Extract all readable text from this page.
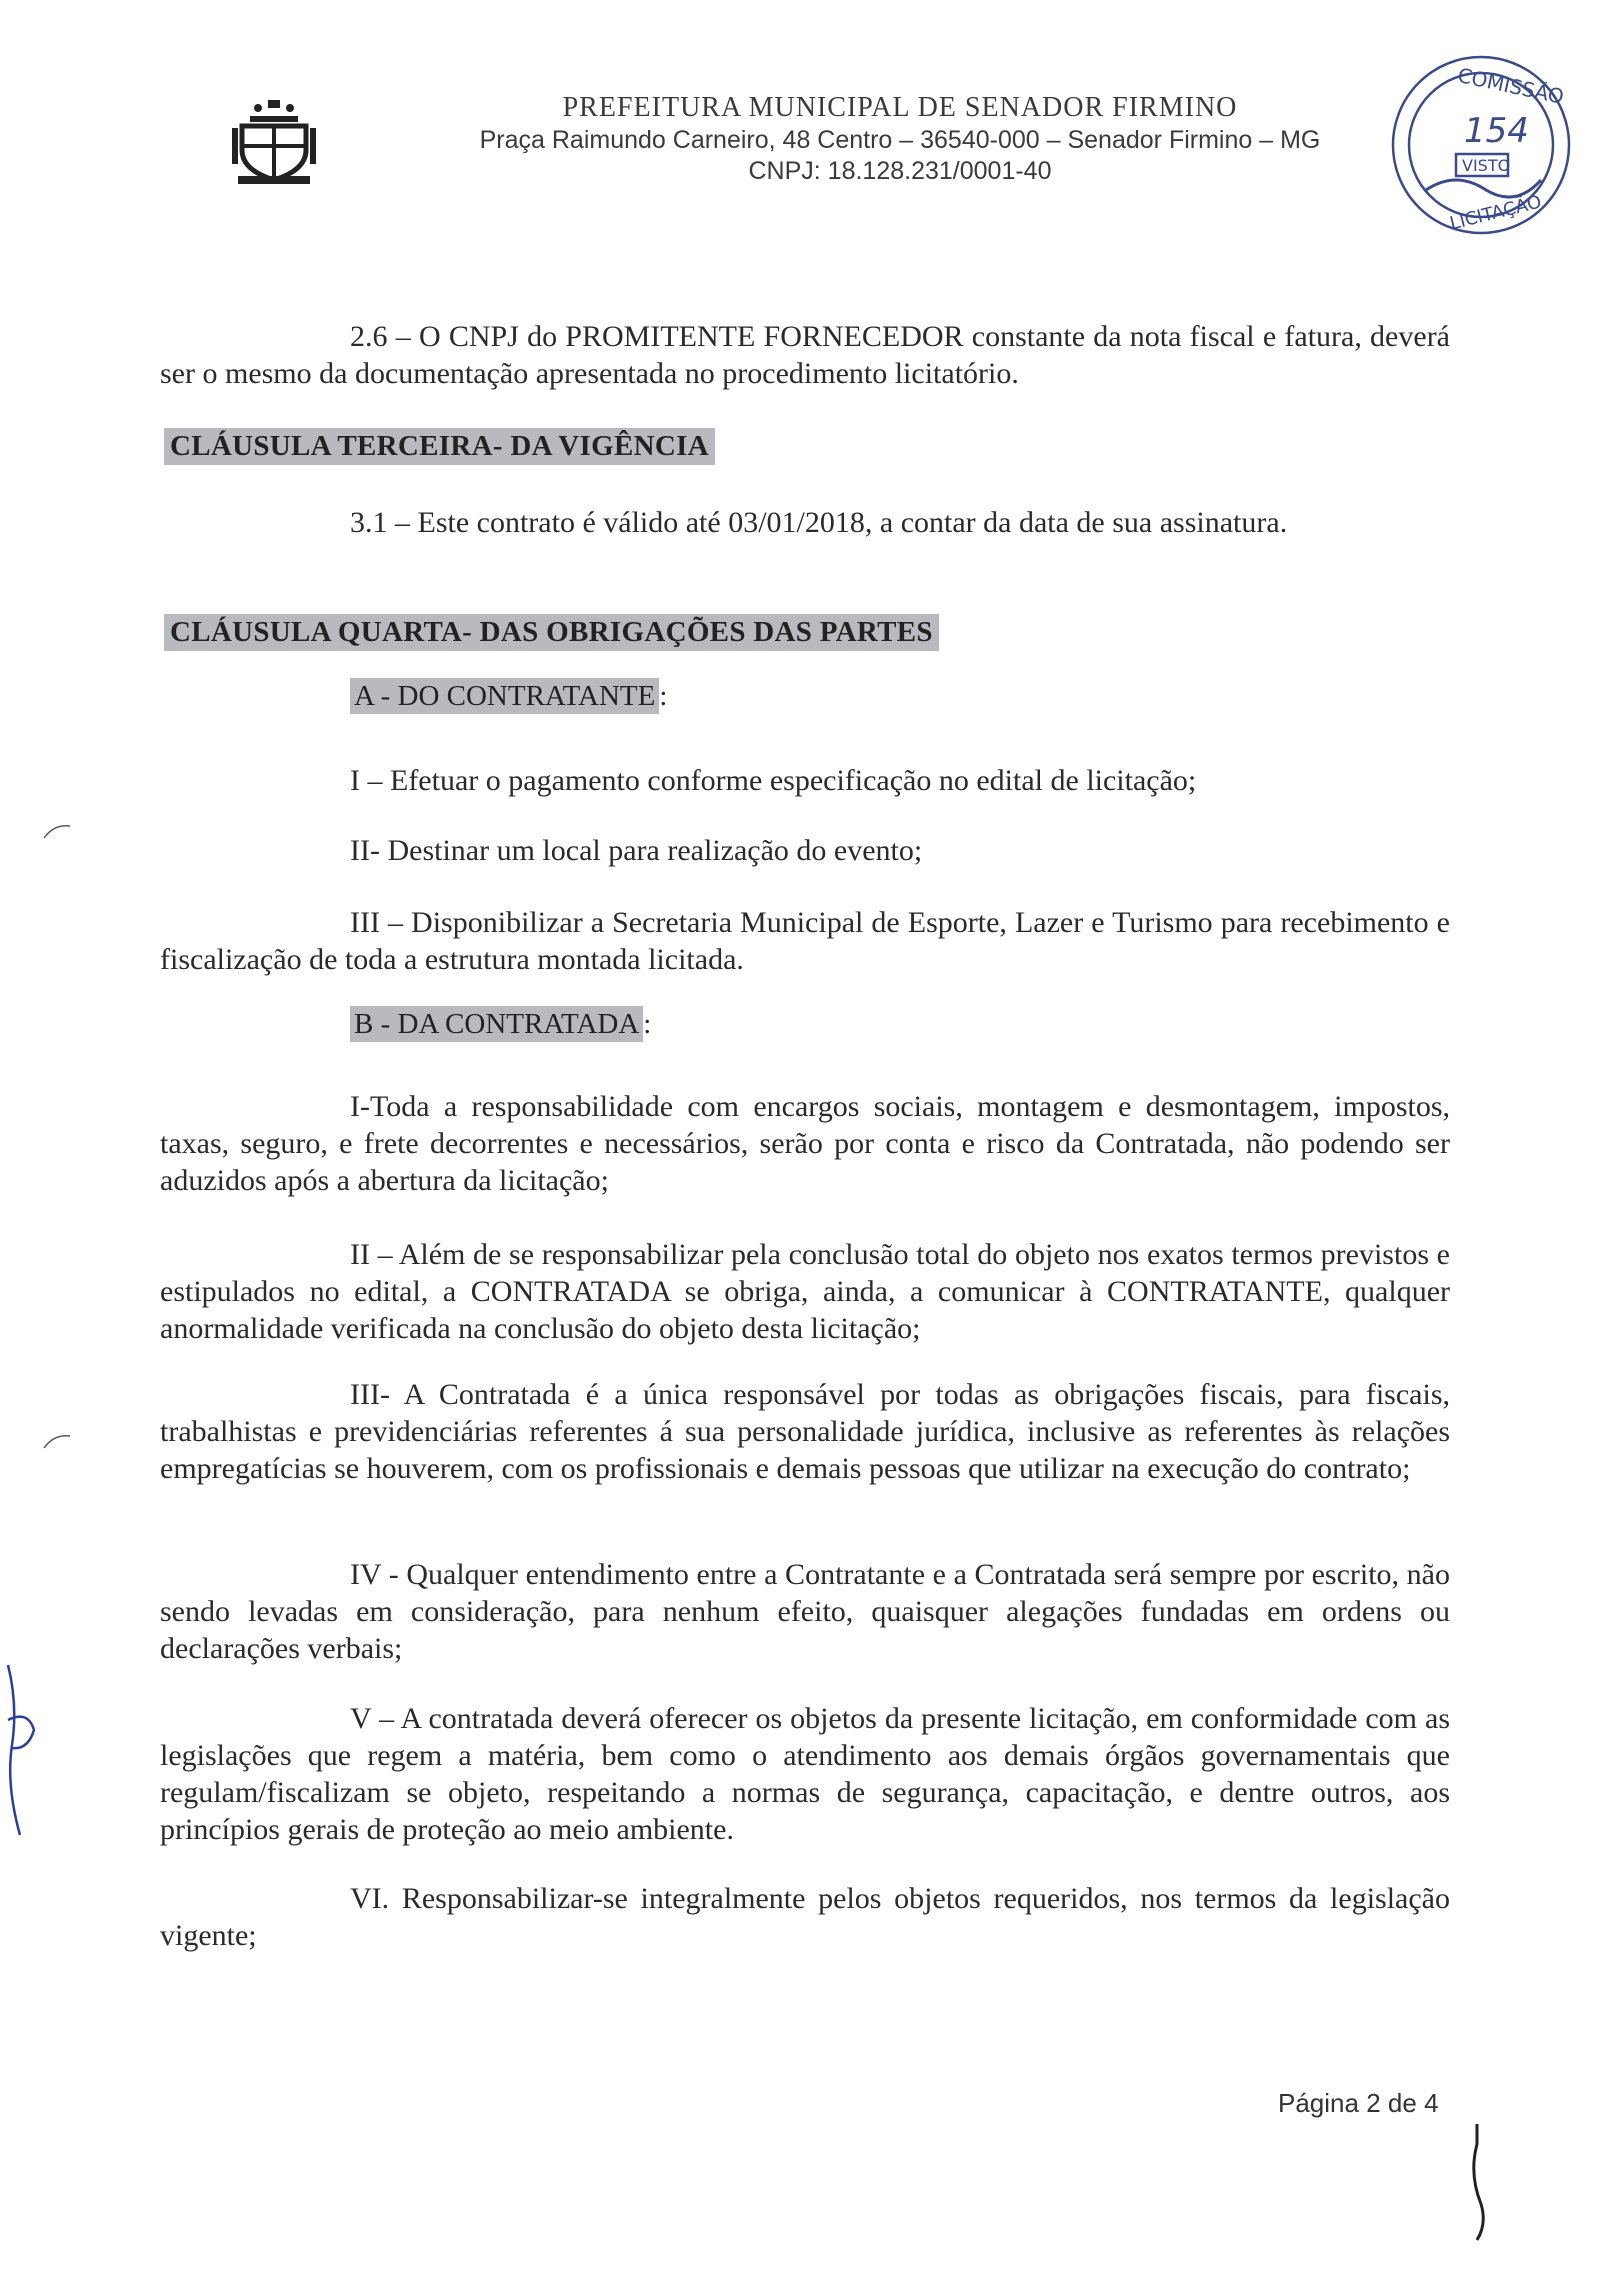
PREFEITURA MUNICIPAL DE SENADOR FIRMINO
Praça Raimundo Carneiro, 48 Centro – 36540-000 – Senador Firmino – MG
CNPJ: 18.128.231/0001-40
COMISSÃO
154
VISTO
LICITAÇÃO
2.6 – O CNPJ do PROMITENTE FORNECEDOR constante da nota fiscal e fatura, deverá ser o mesmo da documentação apresentada no procedimento licitatório.
CLÁUSULA TERCEIRA- DA VIGÊNCIA
3.1 – Este contrato é válido até 03/01/2018, a contar da data de sua assinatura.
CLÁUSULA QUARTA- DAS OBRIGAÇÕES DAS PARTES
A - DO CONTRATANTE :
I – Efetuar o pagamento conforme especificação no edital de licitação;
II- Destinar um local para realização do evento;
III – Disponibilizar a Secretaria Municipal de Esporte, Lazer e Turismo para recebimento e fiscalização de toda a estrutura montada licitada.
B - DA CONTRATADA :
I-Toda a responsabilidade com encargos sociais, montagem e desmontagem, impostos, taxas, seguro, e frete decorrentes e necessários, serão por conta e risco da Contratada, não podendo ser aduzidos após a abertura da licitação;
II – Além de se responsabilizar pela conclusão total do objeto nos exatos termos previstos e estipulados no edital, a CONTRATADA se obriga, ainda, a comunicar à CONTRATANTE, qualquer anormalidade verificada na conclusão do objeto desta licitação;
III- A Contratada é a única responsável por todas as obrigações fiscais, para fiscais, trabalhistas e previdenciárias referentes á sua personalidade jurídica, inclusive as referentes às relações empregatícias se houverem, com os profissionais e demais pessoas que utilizar na execução do contrato;
IV - Qualquer entendimento entre a Contratante e a Contratada será sempre por escrito, não sendo levadas em consideração, para nenhum efeito, quaisquer alegações fundadas em ordens ou declarações verbais;
V – A contratada deverá oferecer os objetos da presente licitação, em conformidade com as legislações que regem a matéria, bem como o atendimento aos demais órgãos governamentais que regulam/fiscalizam se objeto, respeitando a normas de segurança, capacitação, e dentre outros, aos princípios gerais de proteção ao meio ambiente.
VI. Responsabilizar-se integralmente pelos objetos requeridos, nos termos da legislação vigente;
Página 2 de 4
